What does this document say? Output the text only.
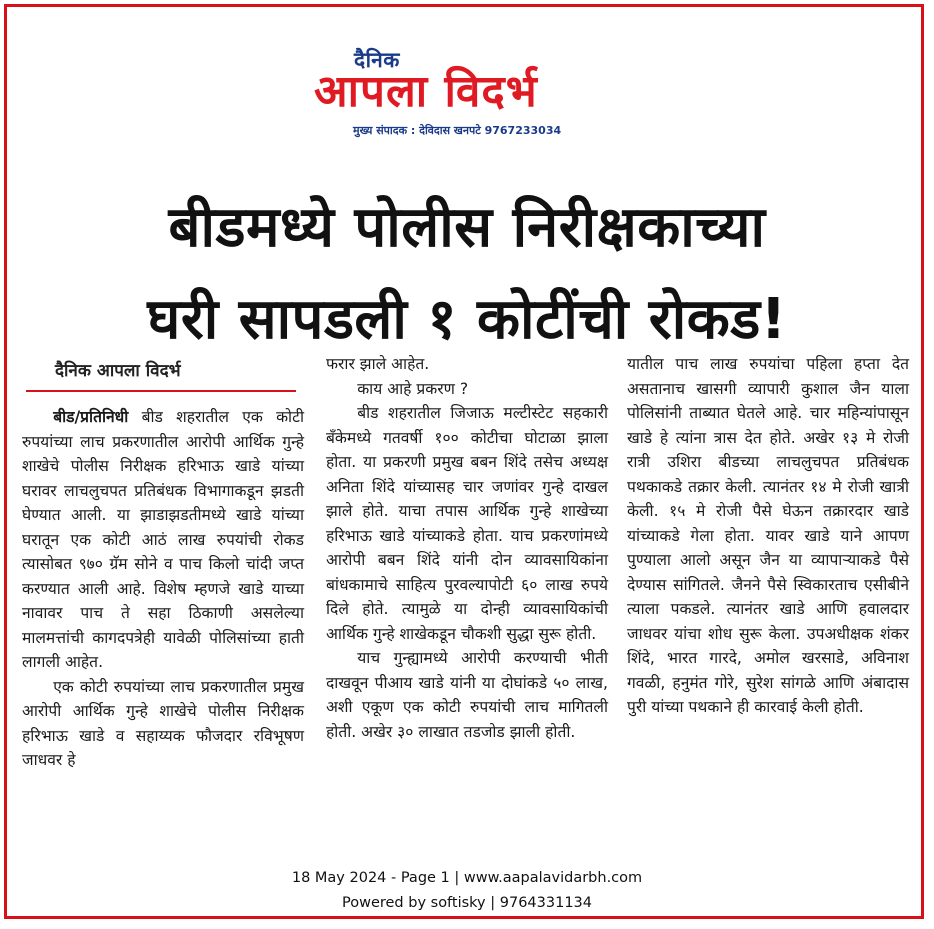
दैनिक
आपला विदर्भ
मुख्य संपादक : देविदास खनपटे 9767233034
बीडमध्ये पोलीस निरीक्षकाच्या
घरी सापडली १ कोटींची रोकड!
दैनिक आपला विदर्भ

बीड/प्रतिनिधी बीड शहरातील एक कोटी रुपयांच्या लाच प्रकरणातील आरोपी आर्थिक गुन्हे शाखेचे पोलीस निरीक्षक हरिभाऊ खाडे यांच्या घरावर लाचलुचपत प्रतिबंधक विभागाकडून झडती घेण्यात आली. या झाडाझडतीमध्ये खाडे यांच्या घरातून एक कोटी आठं लाख रुपयांची रोकड त्यासोबत ९७० ग्रॅम सोने व पाच किलो चांदी जप्त करण्यात आली आहे. विशेष म्हणजे खाडे याच्या नावावर पाच ते सहा ठिकाणी असलेल्या मालमत्तांची कागदपत्रेही यावेळी पोलिसांच्या हाती लागली आहेत.

एक कोटी रुपयांच्या लाच प्रकरणातील प्रमुख आरोपी आर्थिक गुन्हे शाखेचे पोलीस निरीक्षक हरिभाऊ खाडे व सहाय्यक फौजदार रविभूषण जाधवर हे

फरार झाले आहेत.

काय आहे प्रकरण ?

बीड शहरातील जिजाऊ मल्टीस्टेट सहकारी बँकेमध्ये गतवर्षी १०० कोटीचा घोटाळा झाला होता. या प्रकरणी प्रमुख बबन शिंदे तसेच अध्यक्ष अनिता शिंदे यांच्यासह चार जणांवर गुन्हे दाखल झाले होते. याचा तपास आर्थिक गुन्हे शाखेच्या हरिभाऊ खाडे यांच्याकडे होता. याच प्रकरणांमध्ये आरोपी बबन शिंदे यांनी दोन व्यावसायिकांना बांधकामाचे साहित्य पुरवल्यापोटी ६० लाख रुपये दिले होते. त्यामुळे या दोन्ही व्यावसायिकांची आर्थिक गुन्हे शाखेकडून चौकशी सुद्धा सुरू होती.

याच गुन्ह्यामध्ये आरोपी करण्याची भीती दाखवून पीआय खाडे यांनी या दोघांकडे ५० लाख, अशी एकूण एक कोटी रुपयांची लाच मागितली होती. अखेर ३० लाखात तडजोड झाली होती.

यातील पाच लाख रुपयांचा पहिला हप्ता देत असतानाच खासगी व्यापारी कुशाल जैन याला पोलिसांनी ताब्यात घेतले आहे. चार महिन्यांपासून खाडे हे त्यांना त्रास देत होते. अखेर १३ मे रोजी रात्री उशिरा बीडच्या लाचलुचपत प्रतिबंधक पथकाकडे तक्रार केली. त्यानंतर १४ मे रोजी खात्री केली. १५ मे रोजी पैसे घेऊन तक्रारदार खाडे यांच्याकडे गेला होता. यावर खाडे याने आपण पुण्याला आलो असून जैन या व्यापाऱ्याकडे पैसे देण्यास सांगितले. जैनने पैसे स्विकारताच एसीबीने त्याला पकडले. त्यानंतर खाडे आणि हवालदार जाधवर यांचा शोध सुरू केला. उपअधीक्षक शंकर शिंदे, भारत गारदे, अमोल खरसाडे, अविनाश गवळी, हनुमंत गोरे, सुरेश सांगळे आणि अंबादास पुरी यांच्या पथकाने ही कारवाई केली होती.

18 May 2024 - Page 1 | www.aapalavidarbh.com
Powered by softisky | 9764331134
